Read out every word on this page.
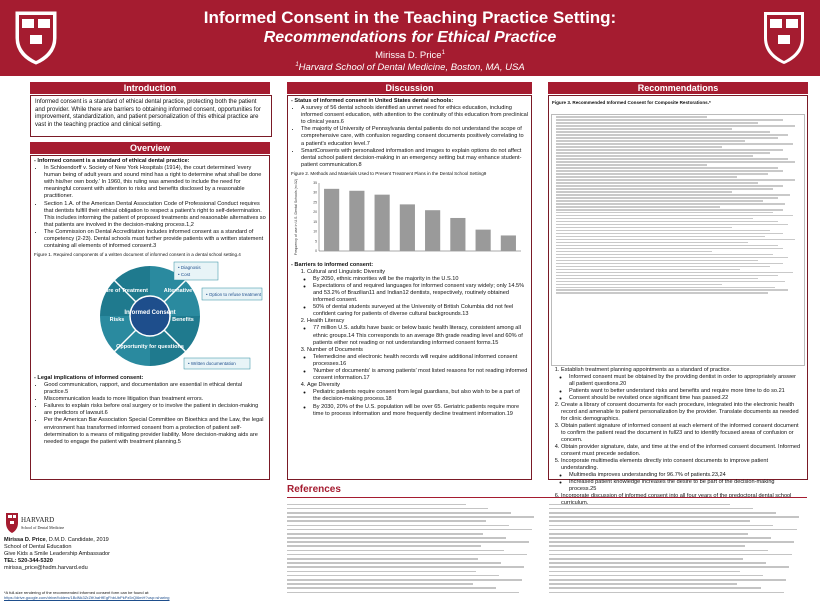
Informed Consent in the Teaching Practice Setting:
Recommendations for Ethical Practice
Mirissa D. Price$^1$
$^1$Harvard School of Dental Medicine, Boston, MA, USA
Introduction

Informed consent is a standard of ethical dental practice, protecting both the patient and provider. While there are barriers to obtaining informed consent, opportunities for improvement, standardization, and patient personalization of this ethical practice are vast in the teaching practice and clinical setting.

Overview
- Informed consent is a standard of ethical dental practice:
• In Schloendorff v. Society of New York Hospitals (1914), the court determined 'every human being of adult years and sound mind has a right to determine what shall be done with his/her own body.' In 1960, this ruling was amended to include the need for meaningful consent with attention to risks and benefits disclosed by a reasonable practitioner.
• Section 1.A. of the American Dental Association Code of Professional Conduct requires that dentists fulfill their ethical obligation to respect a patient's right to self-determination. This includes informing the patient of proposed treatments and reasonable alternatives so that patients are involved in the decision-making process.1,2
• The Commission on Dental Accreditation includes informed consent as a standard of competency (2-23). Dental schools must further provide patients with a written statement containing all elements of informed consent.3
Figure 1. Required components of a written document of informed consent in a dental school setting.4
Informed Consent
Nature of Treatment	Alternative
Benefits
Risks
Opportunity for questions
• Diagnosis
• Cost
• Option to refuse treatment
• Written documentation
- Legal implications of informed consent:
• Good communication, rapport, and documentation are essential in ethical dental practice.5
• Miscommunication leads to more litigation than treatment errors.
• Failures to explain risks before oral surgery or to involve the patient in decision-making are predictors of lawsuit.6
• Per the American Bar Association Special Committee on Bioethics and the Law, the legal environment has transformed informed consent from a protection of patient self-determination to a means of mitigating provider liability. More decision-making aids are needed to engage the patient with treatment planning.5
Discussion
- Status of informed consent in United States dental schools:
• A survey of 56 dental schools identified an unmet need for ethics education, including informed consent education, with attention to the continuity of this education from preclinical to clinical years.6
• The majority of University of Pennsylvania dental patients do not understand the scope of comprehensive care, with confusion regarding consent documents positively correlating to a patient's education level.7
• SmartConsents with personalized information and images to explain options do not affect dental school patient decision-making in an emergency setting but may enhance student-patient communication.8
Figure 2. Methods and Materials Used to Present Treatment Plans in the Dental School Setting9
Frequency of use in U.S. Dental Schools (n=32)	0
5
10
15
20
25
30
35
- Barriers to informed consent:
1. Cultural and Linguistic Diversity
◦ By 2050, ethnic minorities will be the majority in the U.S.10
◦ Expectations of and required languages for informed consent vary widely; only 14.5% and 53.2% of Brazilian11 and Indian12 dentists, respectively, routinely obtained informed consent.
◦ 50% of dental students surveyed at the University of British Columbia did not feel confident caring for patients of diverse cultural backgrounds.13
2. Health Literacy
◦ 77 million U.S. adults have basic or below basic health literacy, consistent among all ethnic groups.14 This corresponds to an average 8th grade reading level and 60% of patients either not reading or not understanding informed consent forms.15
3. Number of Documents
◦ Telemedicine and electronic health records will require additional informed consent processes.16
◦ 'Number of documents' is among patients' most listed reasons for not reading informed consent information.17
4. Age Diversity
◦ Pediatric patients require consent from legal guardians, but also wish to be a part of the decision-making process.18
◦ By 2030, 20% of the U.S. population will be over 65. Geriatric patients require more time to process information and more frequently decline treatment information.19
Recommendations
Figure 3. Recommended Informed Consent for Composite Restorations.*
1. Establish treatment planning appointments as a standard of practice.
◦ Informed consent must be obtained by the providing dentist in order to appropriately answer all patient questions.20
◦ Patients want to better understand risks and benefits and require more time to do so.21
◦ Consent should be revisited once significant time has passed.22
2. Create a library of consent documents for each procedure, integrated into the electronic health record and amenable to patient personalization by the provider. Translate documents as needed for clinic demographics.
3. Obtain patient signature of informed consent at each element of the informed consent document to confirm the patient read the document in full23 and to identify focused areas of confusion or concern.
4. Obtain provider signature, date, and time at the end of the informed consent document. Informed consent must precede sedation.
5. Incorporate multimedia elements directly into consent documents to improve patient understanding.
◦ Multimedia improves understanding for 96.7% of patients.23,24
◦ Increased patient knowledge increases the desire to be part of the decision-making process.25
6. Incorporate discussion of informed consent into all four years of the predoctoral dental school
References
HARVARD
School of Dental Medicine
Mirissa D. Price, D.M.D. Candidate, 2019
School of Dental Education
Give Kids a Smile Leadership Ambassador
TEL: 520-344-5320
mirissa_price@hsdm.harvard.edu
*A full-size rendering of the recommended informed consent form can be found at:
https://drive.google.com/drive/folders/1BdNk3ZrZtKhaHfEgFhbUbPkPz5rQl6mH?usp=sharing
